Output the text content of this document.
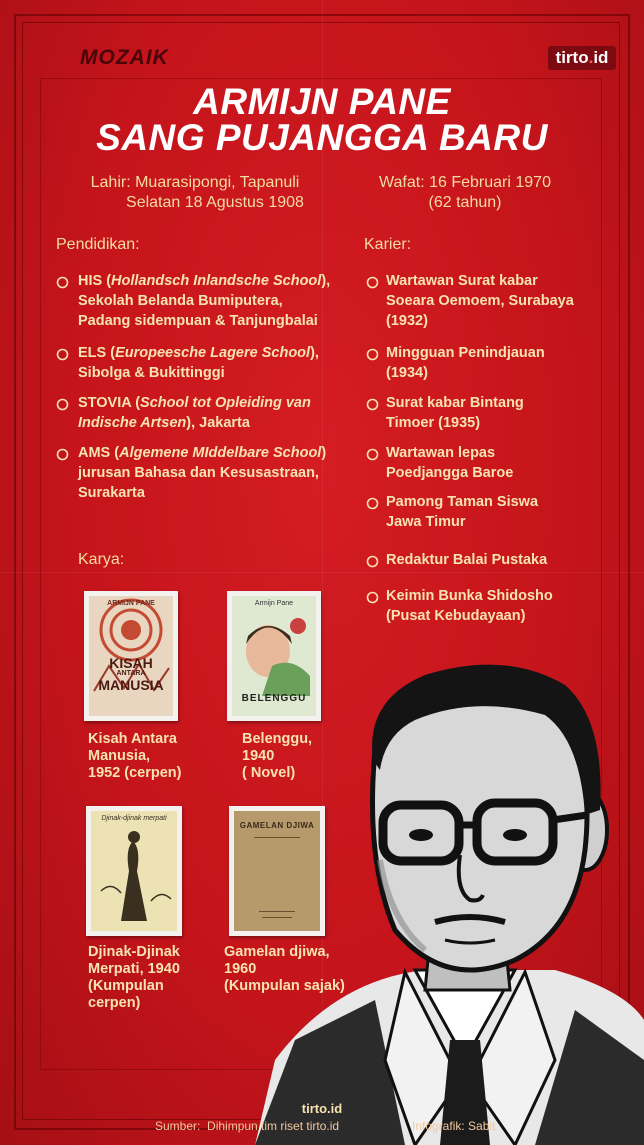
MOZAIK	tirto.id
ARMIJN PANE
SANG PUJANGGA BARU
Lahir: Muarasipongi, Tapanuli
Selatan 18 Agustus 1908
Wafat: 16 Februari 1970
(62 tahun)
Pendidikan:
HIS (Hollandsch Inlandsche School),
Sekolah Belanda Bumiputera,
Padang sidempuan & Tanjungbalai
ELS (Europeesche Lagere School),
Sibolga & Bukittinggi
STOVIA (School tot Opleiding van
Indische Artsen), Jakarta
AMS (Algemene MIddelbare School)
jurusan Bahasa dan Kesusastraan,
Surakarta
Karier:
Wartawan Surat kabar
Soeara Oemoem, Surabaya
(1932)
Mingguan Penindjauan
(1934)
Surat kabar Bintang
Timoer (1935)
Wartawan lepas
Poedjangga Baroe
Pamong Taman Siswa
Jawa Timur
Redaktur Balai Pustaka
Keimin Bunka Shidosho
(Pusat Kebudayaan)
Karya:
ARMIJN PANE
KISAH
ANTARA
MANUSIA
Kisah Antara
Manusia,
1952 (cerpen)
Armijn Pane
BELENGGU
Belenggu,
1940
( Novel)
Djinak-djinak merpati
Djinak-Djinak
Merpati, 1940
(Kumpulan
cerpen)
GAMELAN DJIWA
Gamelan djiwa,
1960
(Kumpulan sajak)
tirto.id
Sumber: Dihimpun tim riset tirto.id	Infografik: Sabit
